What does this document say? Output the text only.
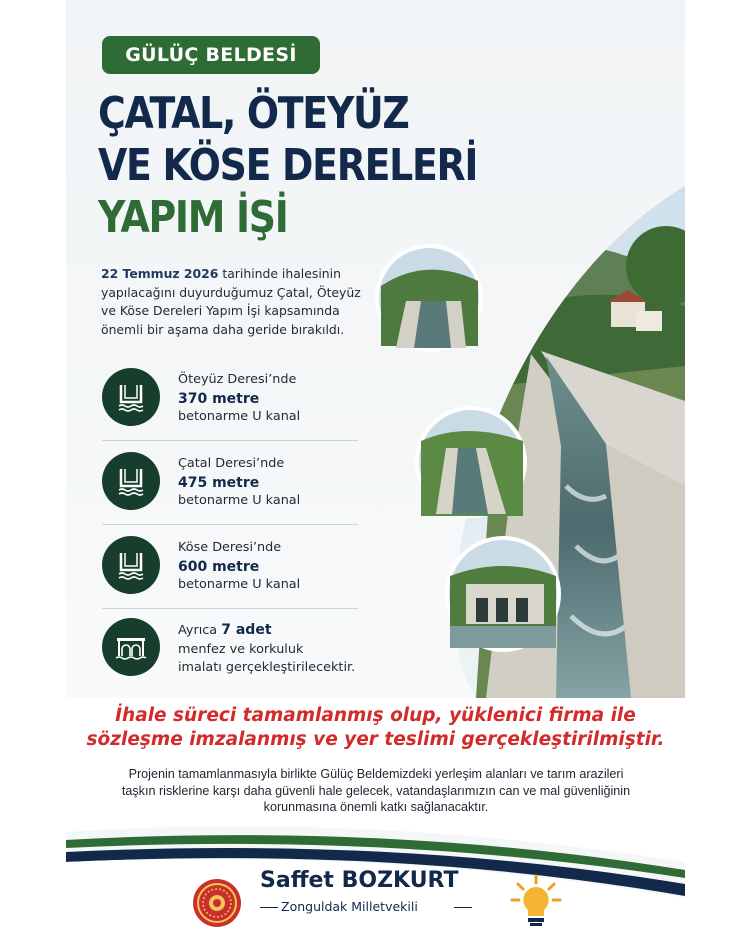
GÜLÜÇ BELDESİ
ÇATAL, ÖTEYÜZ
VE KÖSE DERELERİ
YAPIM İŞİ
22 Temmuz 2026 tarihinde ihalesinin
yapılacağını duyurduğumuz Çatal, Öteyüz
ve Köse Dereleri Yapım İşi kapsamında
önemli bir aşama daha geride bırakıldı.
Öteyüz Deresi’nde
370 metre
betonarme U kanal
Çatal Deresi’nde
475 metre
betonarme U kanal
Köse Deresi’nde
600 metre
betonarme U kanal
Ayrıca 7 adet
menfez ve korkuluk
imalatı gerçekleştirilecektir.
İhale süreci tamamlanmış olup, yüklenici firma ile
sözleşme imzalanmış ve yer teslimi gerçekleştirilmiştir.
Projenin tamamlanmasıyla birlikte Gülüç Beldemizdeki yerleşim alanları ve tarım arazileri
taşkın risklerine karşı daha güvenli hale gelecek, vatandaşlarımızın can ve mal güvenliğinin
korunmasına önemli katkı sağlanacaktır.
Saffet BOZKURT
Zonguldak Milletvekili
